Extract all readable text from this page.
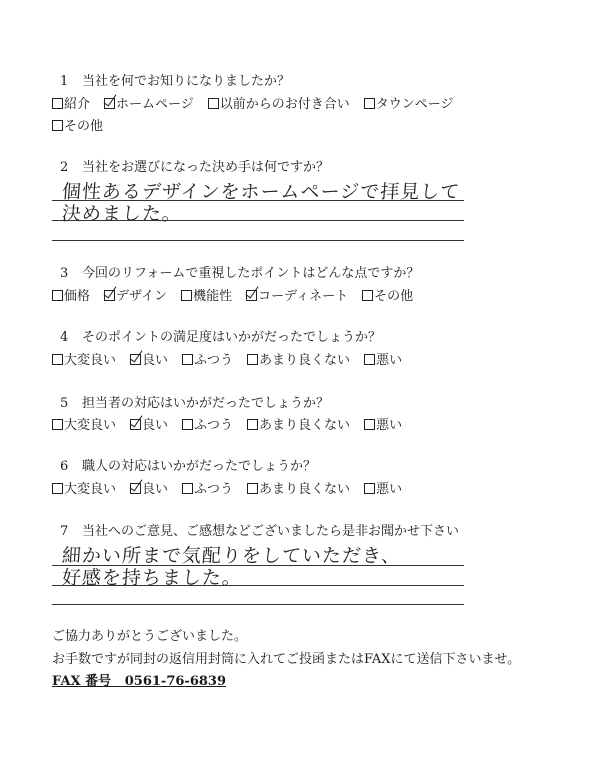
1 当社を何でお知りになりましたか？
紹介 ホームページ 以前からのお付き合い タウンページ
その他
2 当社をお選びになった決め手は何ですか？
個性あるデザインをホームページで拝見して
決めました。
3 今回のリフォームで重視したポイントはどんな点ですか？
価格 デザイン 機能性 コーディネート その他
4 そのポイントの満足度はいかがだったでしょうか？
大変良い 良い ふつう あまり良くない 悪い
5 担当者の対応はいかがだったでしょうか？
大変良い 良い ふつう あまり良くない 悪い
6 職人の対応はいかがだったでしょうか？
大変良い 良い ふつう あまり良くない 悪い
7 当社へのご意見、ご感想などございましたら是非お聞かせ下さい
細かい所まで気配りをしていただき、
好感を持ちました。
ご協力ありがとうございました。
お手数ですが同封の返信用封筒に入れてご投函またはFAXにて送信下さいませ。
FAX 番号 0561-76-6839
